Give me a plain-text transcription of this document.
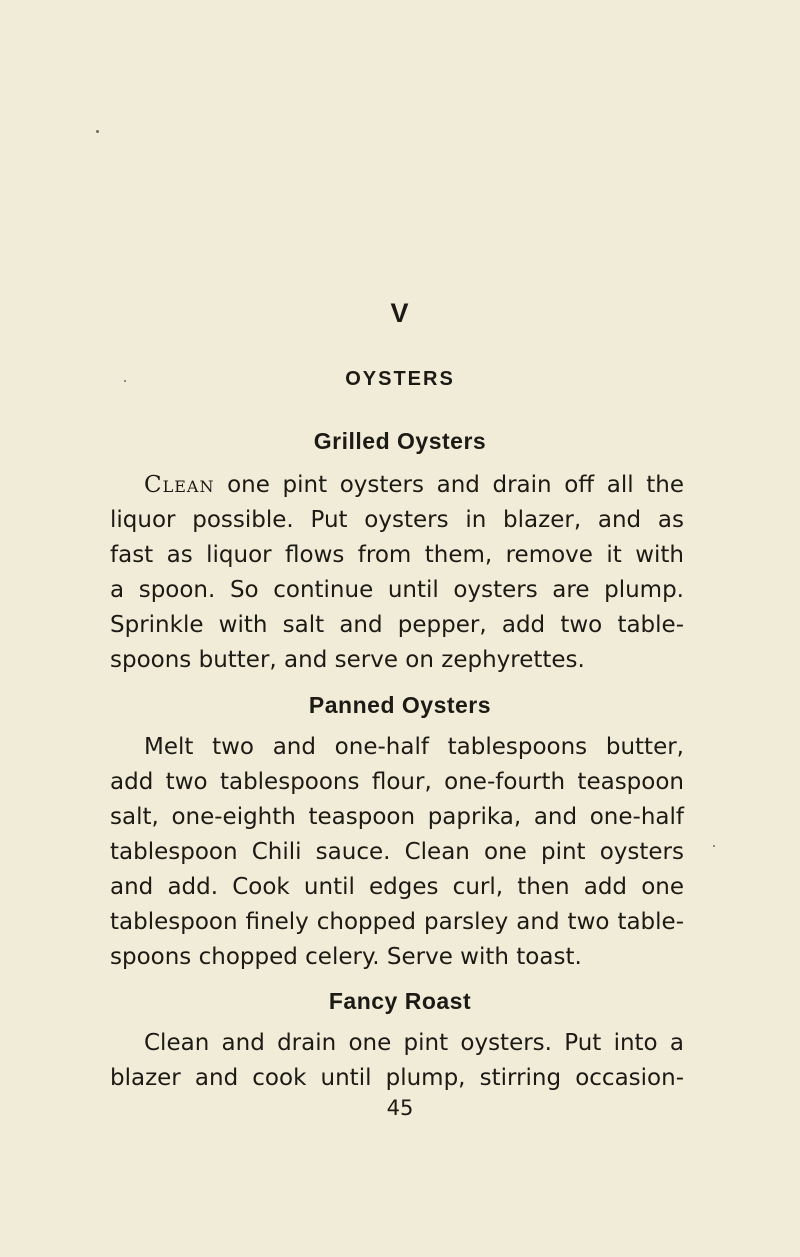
V
OYSTERS
Grilled Oysters
Clean one pint oysters and drain off all the
liquor possible. Put oysters in blazer, and as
fast as liquor flows from them, remove it with
a spoon. So continue until oysters are plump.
Sprinkle with salt and pepper, add two table-
spoons butter, and serve on zephyrettes.
Panned Oysters
Melt two and one-half tablespoons butter,
add two tablespoons flour, one-fourth teaspoon
salt, one-eighth teaspoon paprika, and one-half
tablespoon Chili sauce. Clean one pint oysters
and add. Cook until edges curl, then add one
tablespoon finely chopped parsley and two table-
spoons chopped celery. Serve with toast.
Fancy Roast
Clean and drain one pint oysters. Put into a
blazer and cook until plump, stirring occasion-
45
